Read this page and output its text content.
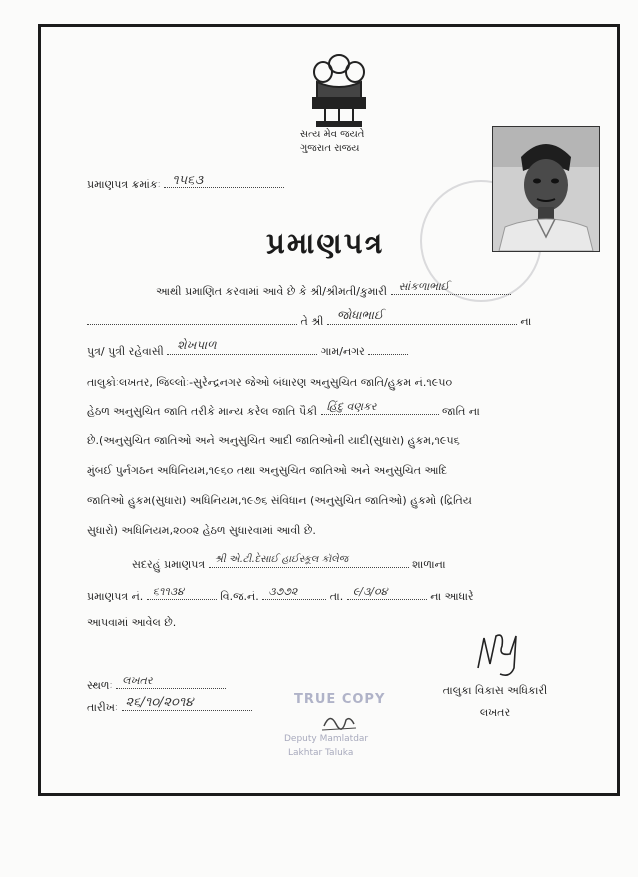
સત્ય મેવ જયતે
ગુજરાત રાજય
પ્રમાણપત્ર ક્રમાંકઃ ૧૫૬૩
પ્રમાણપત્ર
આથી પ્રમાણિત કરવામાં આવે છે કે શ્રી/શ્રીમતી/કુમારી સાંકળાભાઈ
તે શ્રી જોધાભાઈ	ના
પુત્ર/ પુત્રી રહેવાસી શેખપાળ	ગામ/નગર
તાલુકોઃલખતર, જિલ્લોઃ-સુરેન્દ્રનગર જેઓ બંધારણ અનુસુચિત જાતિ/હુકમ નં.૧૯૫૦
હેઠળ અનુસુચિત જાતિ તરીકે માન્ય કરેલ જાતિ પૈકી હિંદુ વણકર	જાતિ ના
છે.(અનુસુચિત જાતિઓ અને અનુસુચિત આદી જાતિઓની યાદી(સુધારા) હુકમ,૧૯૫૬
મુંબઈ પુર્નગઠન અધિનિયમ,૧૯૬૦ તથા અનુસુચિત જાતિઓ અને અનુસુચિત આદિ
જાતિઓ હુકમ(સુધારા) અધિનિયમ,૧૯૭૬ સંવિધાન (અનુસુચિત જાતિઓ) હુકમો (દ્રિતિય
સુધારો) અધિનિયમ,૨૦૦૨ હેઠળ સુધારવામાં આવી છે.
સદરહું પ્રમાણપત્ર શ્રી એ.ટી.દેસાઈ હાઈસ્કૂલ કૉલેજ	શાળાના
પ્રમાણપત્ર નં. ૬૧૧૩૪	વિ.જ.નં. ૩૭૭૨	તા. ૯/૩/૦૪	ના આધારે
આપવામાં આવેલ છે.
સ્થળઃ લખતર
તારીખઃ ૨૬/૧૦/૨૦૧૪	TRUE COPY
Deputy Mamlatdar
Lakhtar Taluka
તાલુકા વિકાસ અધિકારી
લખતર
